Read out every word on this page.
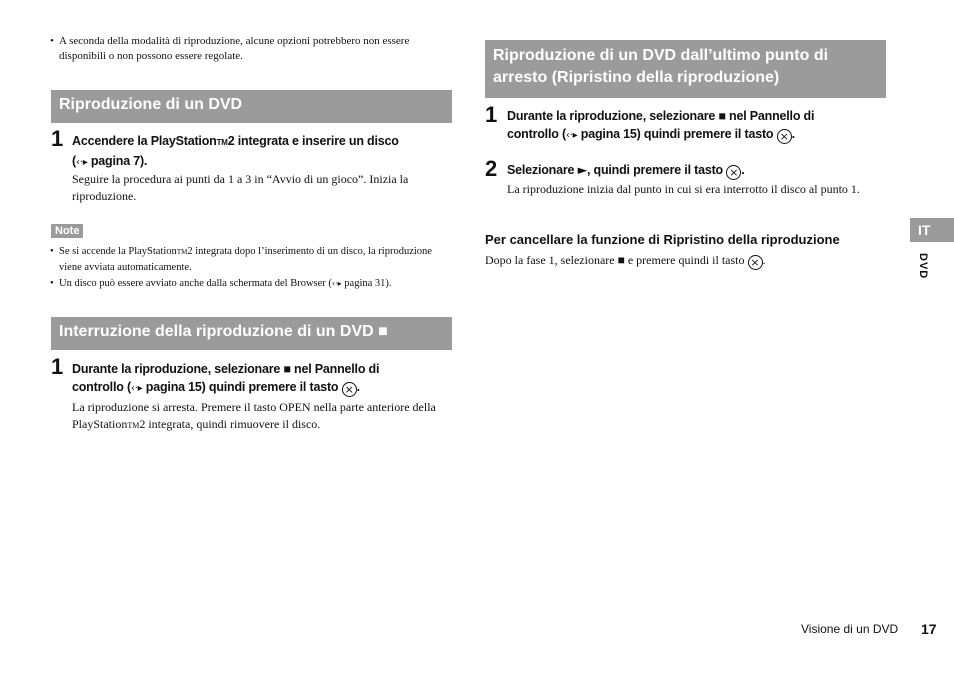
• A seconda della modalità di riproduzione, alcune opzioni potrebbero non essere disponibili o non possono essere regolate.
Riproduzione di un DVD
1 Accendere la PlayStationTM2 integrata e inserire un disco
(‹·▸ pagina 7).
Seguire la procedura ai punti da 1 a 3 in “Avvio di un gioco”. Inizia la riproduzione.
Note
• Se si accende la PlayStationTM2 integrata dopo l’inserimento di un disco, la riproduzione viene avviata automaticamente.
• Un disco può essere avviato anche dalla schermata del Browser (‹·▸ pagina 31).
Interruzione della riproduzione di un DVD ■
1 Durante la riproduzione, selezionare ■ nel Pannello di
controllo (‹·▸ pagina 15) quindi premere il tasto × .
La riproduzione si arresta. Premere il tasto OPEN nella parte anteriore della PlayStationTM2 integrata, quindi rimuovere il disco.
Riproduzione di un DVD dall’ultimo punto di arresto (Ripristino della riproduzione)
1 Durante la riproduzione, selezionare ■ nel Pannello di
controllo (‹·▸ pagina 15) quindi premere il tasto × .
2 Selezionare ►, quindi premere il tasto × .
La riproduzione inizia dal punto in cui si era interrotto il disco al punto 1.
Per cancellare la funzione di Ripristino della riproduzione
Dopo la fase 1, selezionare ■ e premere quindi il tasto × .
IT
DVD
Visione di un DVD 17
